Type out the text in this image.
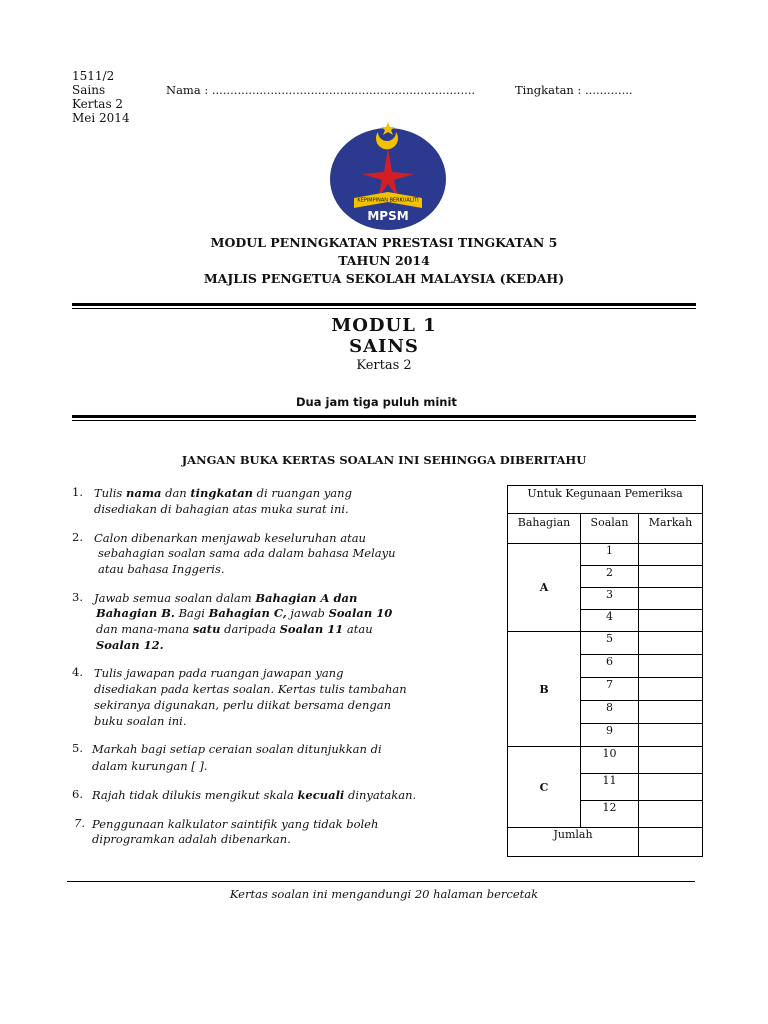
1511/2
Sains
Kertas 2
Mei 2014
Nama : ........................................................................	Tingkatan : .............
KEPIMPINAN BERKUALITI
MPSM
MODUL PENINGKATAN PRESTASI TINGKATAN 5
TAHUN 2014
MAJLIS PENGETUA SEKOLAH MALAYSIA (KEDAH)
MODUL 1
SAINS
Kertas 2
Dua jam tiga puluh minit
JANGAN BUKA KERTAS SOALAN INI SEHINGGA DIBERITAHU
1. Tulis nama dan tingkatan di ruangan yang
disediakan di bahagian atas muka surat ini.
2. Calon dibenarkan menjawab keseluruhan atau
sebahagian soalan sama ada dalam bahasa Melayu
atau bahasa Inggeris.
3. Jawab semua soalan dalam Bahagian A dan
Bahagian B. Bagi Bahagian C, jawab Soalan 10
dan mana-mana satu daripada Soalan 11 atau
Soalan 12.
4. Tulis jawapan pada ruangan jawapan yang
disediakan pada kertas soalan. Kertas tulis tambahan
sekiranya digunakan, perlu diikat bersama dengan
buku soalan ini.
5. Markah bagi setiap ceraian soalan ditunjukkan di
dalam kurungan [ ].
6. Rajah tidak dilukis mengikut skala kecuali dinyatakan.
7. Penggunaan kalkulator saintifik yang tidak boleh
diprogramkan adalah dibenarkan.
Untuk Kegunaan Pemeriksa		
Bahagian	Soalan	Markah
A	1	
	2	
	3	
	4	
B	5	
	6	
	7	
	8	
	9	
C	10	
	11	
	12	
Jumlah		
Kertas soalan ini mengandungi 20 halaman bercetak
